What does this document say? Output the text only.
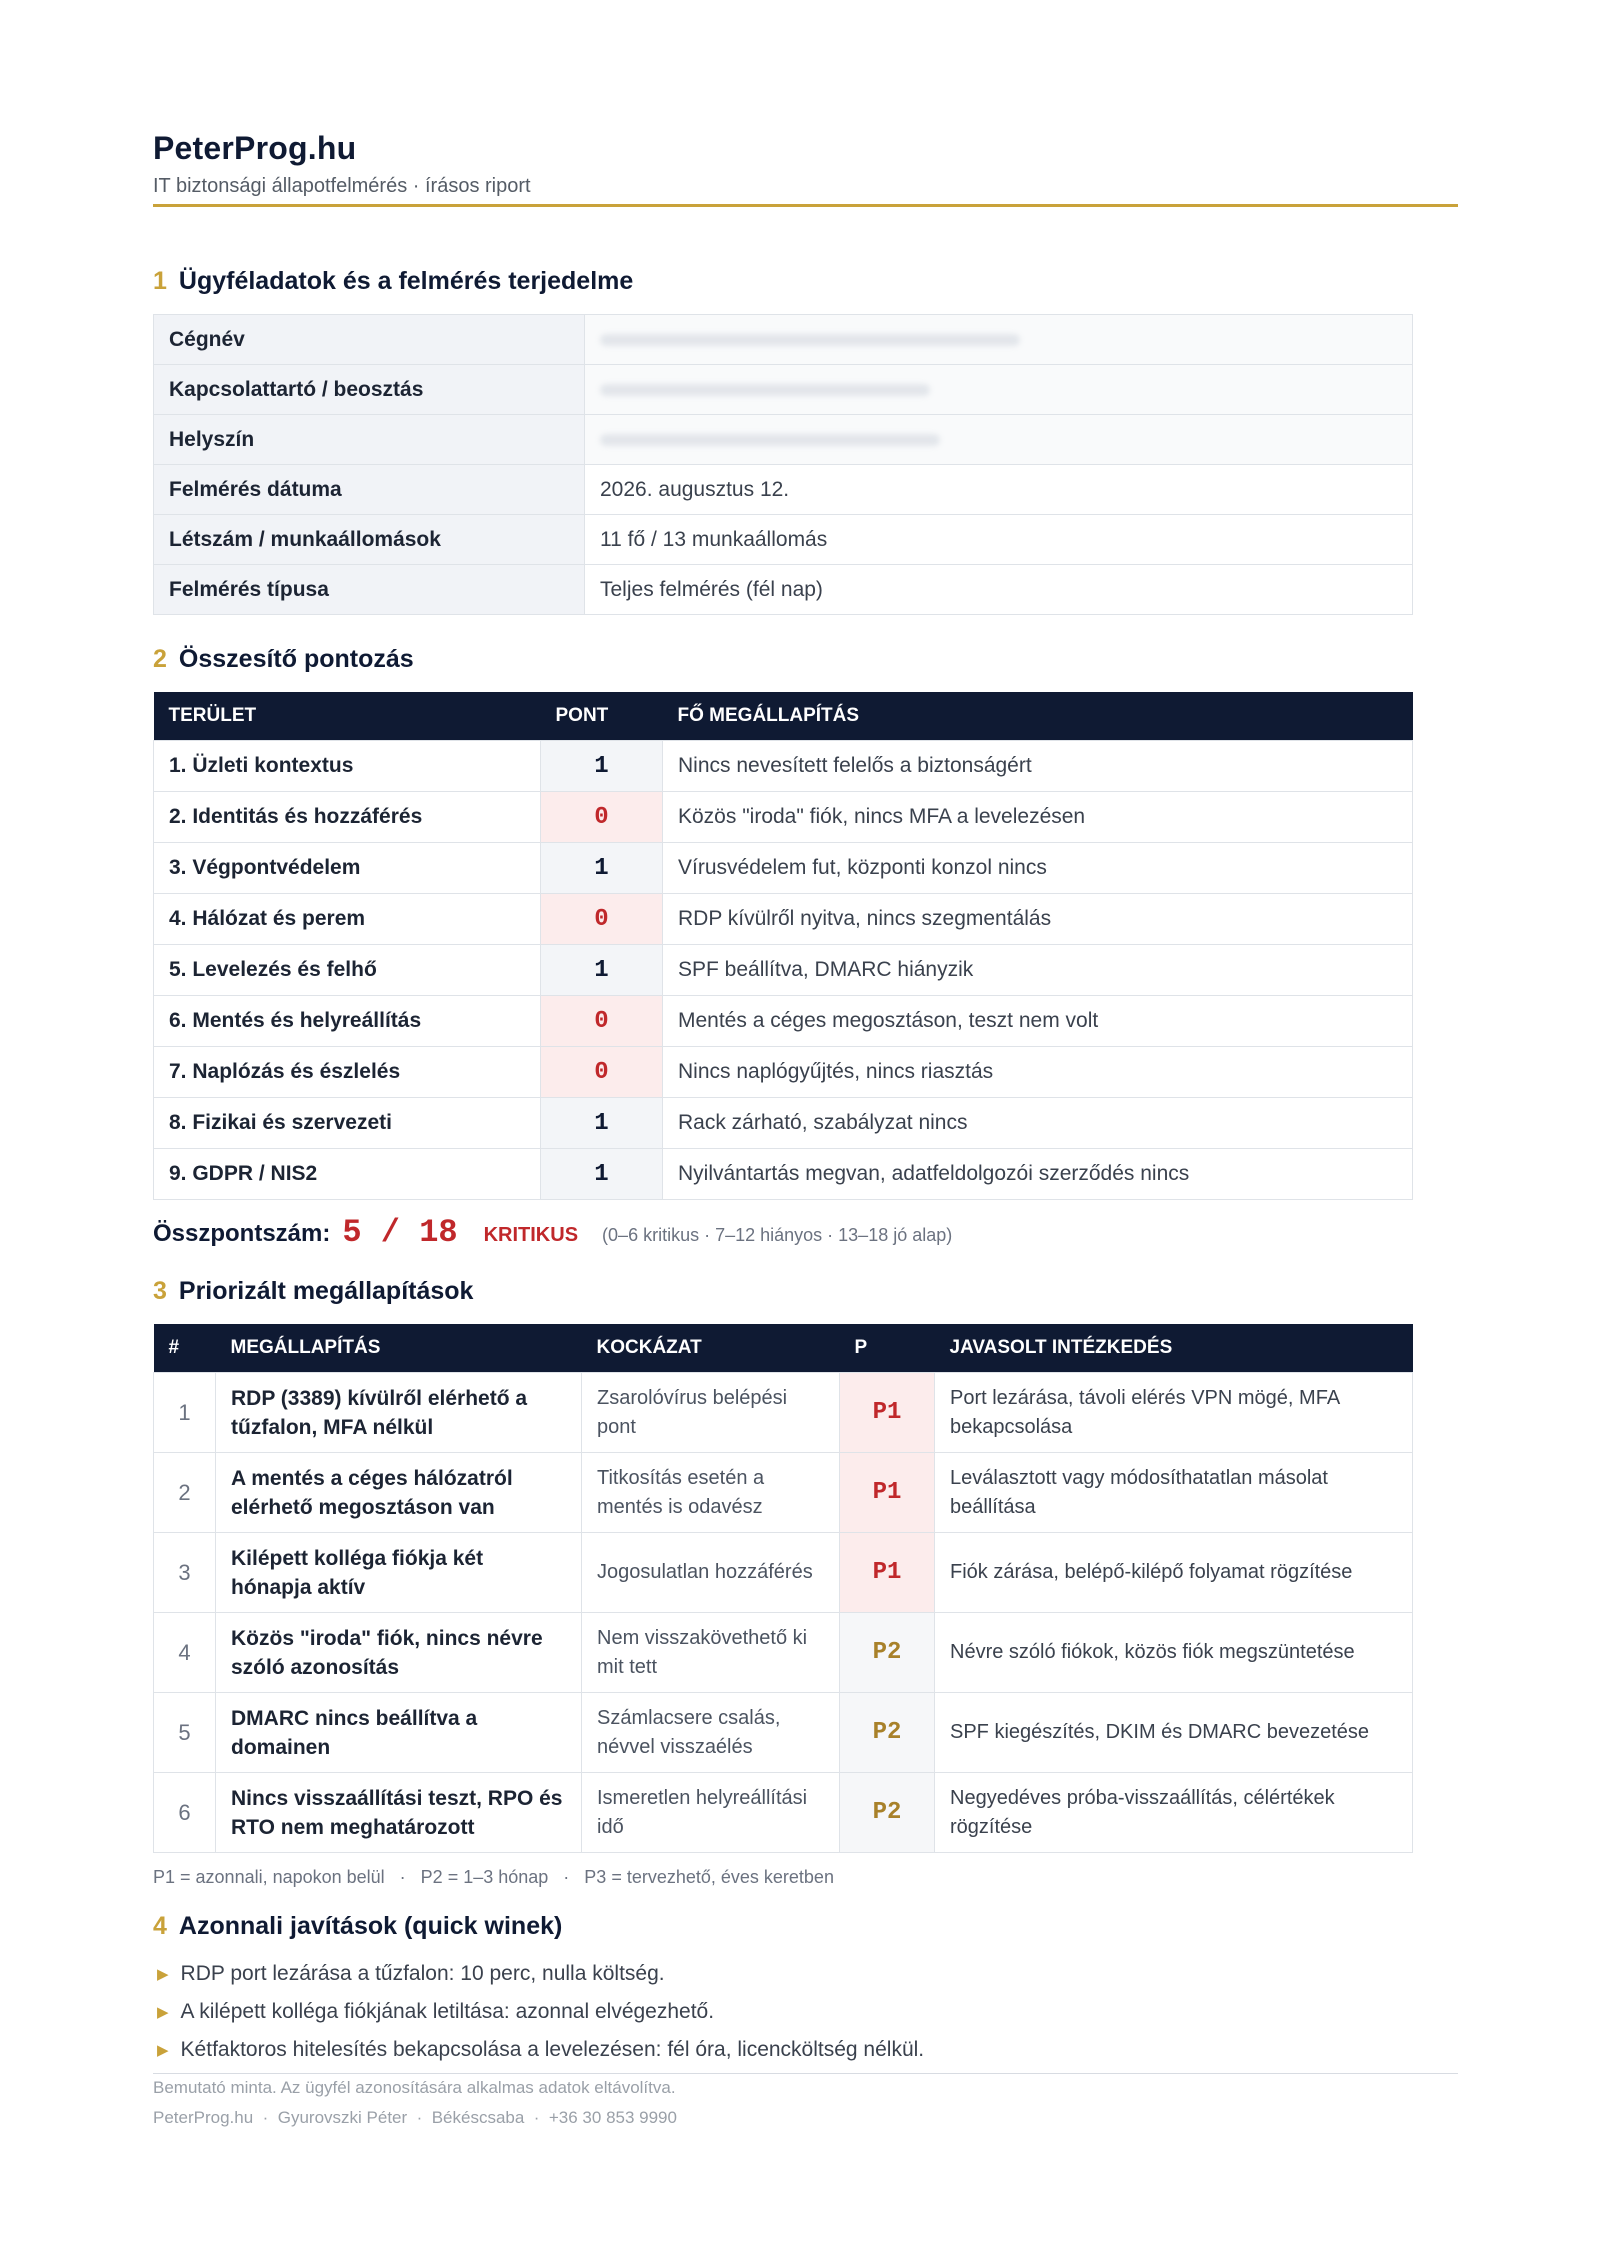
PeterProg.hu
IT biztonsági állapotfelmérés · írásos riport
1 Ügyféladatok és a felmérés terjedelme
Cégnév	
Kapcsolattartó / beosztás	
Helyszín	
Felmérés dátuma	2026. augusztus 12.
Létszám / munkaállomások	11 fő / 13 munkaállomás
Felmérés típusa	Teljes felmérés (fél nap)
2 Összesítő pontozás
TERÜLET	PONT	FŐ MEGÁLLAPÍTÁS
1. Üzleti kontextus	1	Nincs nevesített felelős a biztonságért
2. Identitás és hozzáférés	0	Közös "iroda" fiók, nincs MFA a levelezésen
3. Végpontvédelem	1	Vírusvédelem fut, központi konzol nincs
4. Hálózat és perem	0	RDP kívülről nyitva, nincs szegmentálás
5. Levelezés és felhő	1	SPF beállítva, DMARC hiányzik
6. Mentés és helyreállítás	0	Mentés a céges megosztáson, teszt nem volt
7. Naplózás és észlelés	0	Nincs naplógyűjtés, nincs riasztás
8. Fizikai és szervezeti	1	Rack zárható, szabályzat nincs
9. GDPR / NIS2	1	Nyilvántartás megvan, adatfeldolgozói szerződés nincs
Összpontszám: 5 / 18 KRITIKUS (0–6 kritikus · 7–12 hiányos · 13–18 jó alap)
3 Priorizált megállapítások
#	MEGÁLLAPÍTÁS	KOCKÁZAT	P	JAVASOLT INTÉZKEDÉS
1	RDP (3389) kívülről elérhető a tűzfalon, MFA nélkül	Zsarolóvírus belépési pont	P1	Port lezárása, távoli elérés VPN mögé, MFA bekapcsolása
2	A mentés a céges hálózatról elérhető megosztáson van	Titkosítás esetén a mentés is odavész	P1	Leválasztott vagy módosíthatatlan másolat beállítása
3	Kilépett kolléga fiókja két hónapja aktív	Jogosulatlan hozzáférés	P1	Fiók zárása, belépő-kilépő folyamat rögzítése
4	Közös "iroda" fiók, nincs névre szóló azonosítás	Nem visszakövethető ki mit tett	P2	Névre szóló fiókok, közös fiók megszüntetése
5	DMARC nincs beállítva a domainen	Számlacsere csalás, névvel visszaélés	P2	SPF kiegészítés, DKIM és DMARC bevezetése
6	Nincs visszaállítási teszt, RPO és RTO nem meghatározott	Ismeretlen helyreállítási idő	P2	Negyedéves próba-visszaállítás, célértékek rögzítése
P1 = azonnali, napokon belül   ·   P2 = 1–3 hónap   ·   P3 = tervezhető, éves keretben
4 Azonnali javítások (quick winek)
▶ RDP port lezárása a tűzfalon: 10 perc, nulla költség.
▶ A kilépett kolléga fiókjának letiltása: azonnal elvégezhető.
▶ Kétfaktoros hitelesítés bekapcsolása a levelezésen: fél óra, licencköltség nélkül.
Bemutató minta. Az ügyfél azonosítására alkalmas adatok eltávolítva.
PeterProg.hu  ·  Gyurovszki Péter  ·  Békéscsaba  ·  +36 30 853 9990
